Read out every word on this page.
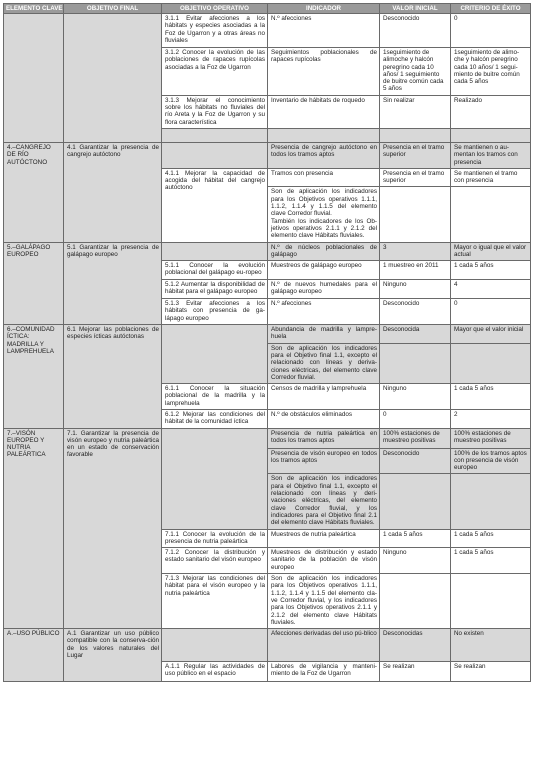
ELEMENTO CLAVE	OBJETIVO FINAL	OBJETIVO OPERATIVO	INDICADOR	VALOR INICIAL	CRITERIO DE ÉXITO
		3.1.1 Evitar afecciones a los hábitats y especies asociadas a la Foz de Ugarron y a otras áreas no fluviales	N.º afecciones	Desconocido	0
		3.1.2 Conocer la evolución de las poblaciones de rapaces rupícolas asociadas a la Foz de Ugarron	Seguimientos poblacionales de rapaces rupícolas	1seguimiento de alimoche y halcón peregrino cada 10 años/ 1 seguimiento de buitre común cada 5 años	1seguimiento de alimo-che y halcón peregrino cada 10 años/ 1 segui-miento de buitre común cada 5 años
		3.1.3 Mejorar el conocimiento sobre los hábitats no fluviales del río Areta y la Foz de Ugarron y su flora característica	Inventario de hábitats de roquedo	Sin realizar	Realizado

4.–CANGREJO DE RÍO AUTÓCTONO	4.1 Garantizar la presencia de cangrejo autóctono		Presencia de cangrejo autóctono en todos los tramos aptos	Presencia en el tramo superior	Se mantienen o au-mentan los tramos con presencia
		4.1.1 Mejorar la capacidad de acogida del hábitat del cangrejo autóctono	Tramos con presencia	Presencia en el tramo superior	Se mantienen el tramo con presencia
			Son de aplicación los indicadores para los Objetivos operativos 1.1.1, 1.1.2, 1.1.4 y 1.1.5 del elemento clave Corredor fluvial.
También los indicadores de los Ob-jetivos operativos 2.1.1 y 2.1.2 del elemento clave Hábitats fluviales.		
5.–GALÁPAGO EUROPEO	5.1 Garantizar la presencia de galápago europeo		N.º de núcleos poblacionales de galápago	3	Mayor o igual que el valor actual
		5.1.1 Conocer la evolución poblacional del galápago eu-ropeo	Muestreos de galápago europeo	1 muestreo en 2011	1 cada 5 años
		5.1.2 Aumentar la disponibilidad de hábitat para el galápago europeo	N.º de nuevos humedales para el galápago europeo	Ninguno	4
		5.1.3 Evitar afecciones a los hábitats con presencia de ga-lápago europeo	N.º afecciones	Desconocido	0
6.–COMUNIDAD ÍCTICA: MADRILLA Y LAMPREHUELA	6.1 Mejorar las poblaciones de especies ícticas autóctonas		Abundancia de madrilla y lampre-huela	Desconocida	Mayor que el valor inicial
			Son de aplicación los indicadores para el Objetivo final 1.1, excepto el relacionado con líneas y deriva-ciones eléctricas, del elemento clave Corredor fluvial.		
		6.1.1 Conocer la situación poblacional de la madrilla y la lamprehuela	Censos de madrilla y lamprehuela	Ninguno	1 cada 5 años
		6.1.2 Mejorar las condiciones del hábitat de la comunidad íctica	N.º de obstáculos eliminados	0	2
7.–VISÓN EUROPEO Y NUTRIA PALEÁRTICA	7.1. Garantizar la presencia de visón europeo y nutria paleártica en un estado de conservación favorable		Presencia de nutria paleártica en todos los tramos aptos	100% estaciones de muestreo positivas	100% estaciones de muestreo positivas
			Presencia de visón europeo en todos los tramos aptos	Desconocido	100% de los tramos aptos con presencia de visón europeo
			Son de aplicación los indicadores para el Objetivo final 1.1, excepto el relacionado con líneas y deri-vaciones eléctricas, del elemento clave Corredor fluvial, y los indicadores para el Objetivo final 2.1 del elemento clave Hábitats fluviales.		
		7.1.1 Conocer la evolución de la presencia de nutria paleártica	Muestreos de nutria paleártica	1 cada 5 años	1 cada 5 años
		7.1.2 Conocer la distribución y estado sanitario del visón europeo	Muestreos de distribución y estado sanitario de la población de visón europeo	Ninguno	1 cada 5 años
		7.1.3 Mejorar las condiciones del hábitat para el visón europeo y la nutria paleártica	Son de aplicación los indicadores para los Objetivos operativos 1.1.1, 1.1.2, 1.1.4 y 1.1.5 del elemento cla-ve Corredor fluvial, y los indicadores para los Objetivos operativos 2.1.1 y 2.1.2 del elemento clave Hábitats fluviales.		
A.–USO PÚBLICO	A.1 Garantizar un uso público compatible con la conserva-ción de los valores naturales del Lugar		Afecciones derivadas del uso pú-blico	Desconocidas	No existen
		A.1.1 Regular las actividades de uso público en el espacio	Labores de vigilancia y manteni-miento de la Foz de Ugarron	Se realizan	Se realizan
